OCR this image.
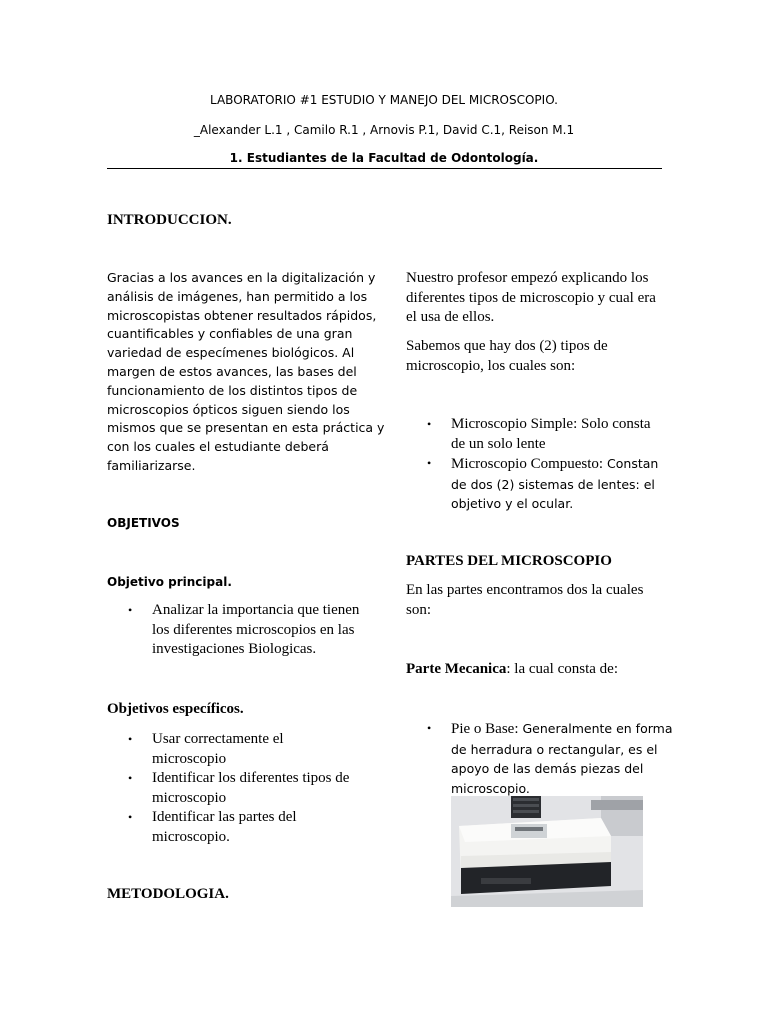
LABORATORIO #1 ESTUDIO Y MANEJO DEL MICROSCOPIO.
_Alexander L.1 , Camilo R.1 , Arnovis P.1, David C.1, Reison M.1
1. Estudiantes de la Facultad de Odontología.
INTRODUCCION.
Gracias a los avances en la digitalización y
análisis de imágenes, han permitido a los
microscopistas obtener resultados rápidos,
cuantificables y confiables de una gran
variedad de especímenes biológicos. Al
margen de estos avances, las bases del
funcionamiento de los distintos tipos de
microscopios ópticos siguen siendo los
mismos que se presentan en esta práctica y
con los cuales el estudiante deberá
familiarizarse.
OBJETIVOS
Objetivo principal.
• Analizar la importancia que tienen
los diferentes microscopios en las
investigaciones Biologicas.
Objetivos específicos.
• Usar correctamente el
microscopio
• Identificar los diferentes tipos de
microscopio
• Identificar las partes del
microscopio.
METODOLOGIA.
Nuestro profesor empezó explicando los
diferentes tipos de microscopio y cual era
el usa de ellos.
Sabemos que hay dos (2) tipos de
microscopio, los cuales son:
• Microscopio Simple: Solo consta
de un solo lente
• Microscopio Compuesto: Constan
de dos (2) sistemas de lentes: el
objetivo y el ocular.
PARTES DEL MICROSCOPIO
En las partes encontramos dos la cuales
son:
Parte Mecanica: la cual consta de:
• Pie o Base: Generalmente en forma
de herradura o rectangular, es el
apoyo de las demás piezas del
microscopio.
